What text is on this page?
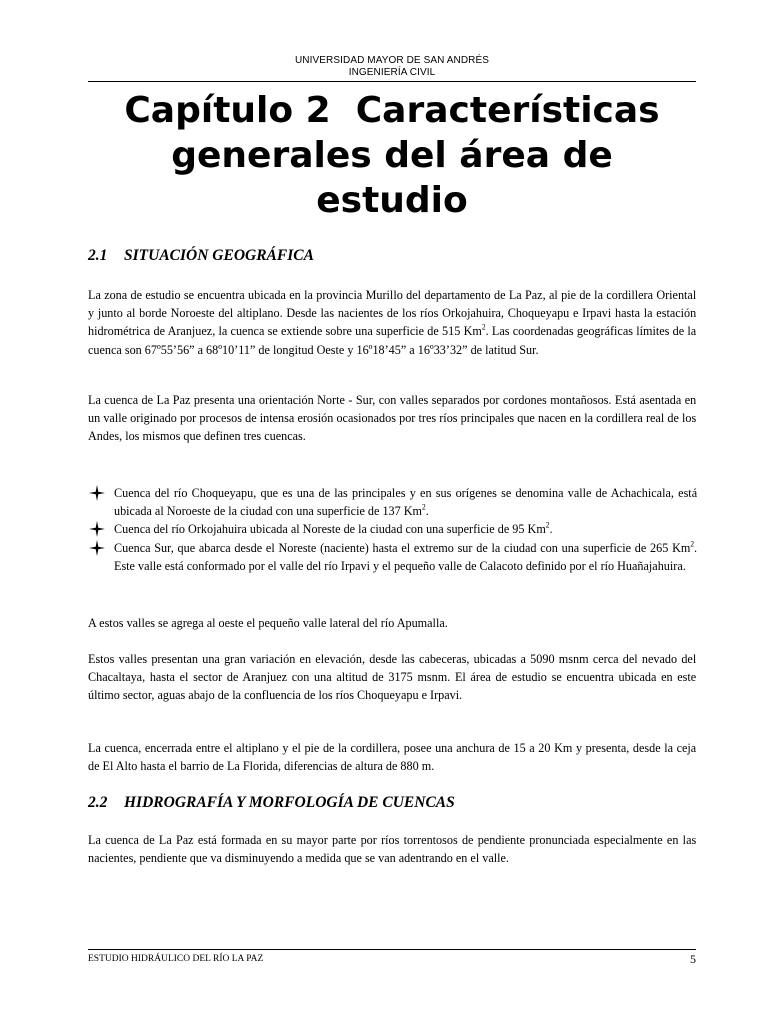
UNIVERSIDAD MAYOR DE SAN ANDRÉS
INGENIERÍA CIVIL
Capítulo 2  Características
generales del área de
estudio
2.1 SITUACIÓN GEOGRÁFICA

La zona de estudio se encuentra ubicada en la provincia Murillo del departamento de La Paz, al pie de la cordillera Oriental y junto al borde Noroeste del altiplano. Desde las nacientes de los ríos Orkojahuira, Choqueyapu e Irpavi hasta la estación hidrométrica de Aranjuez, la cuenca se extiende sobre una superficie de 515 Km$^2$. Las coordenadas geográficas límites de la cuenca son 67º55’56” a 68º10’11” de longitud Oeste y 16º18’45” a 16º33’32” de latitud Sur.

La cuenca de La Paz presenta una orientación Norte - Sur, con valles separados por cordones montañosos. Está asentada en un valle originado por procesos de intensa erosión ocasionados por tres ríos principales que nacen en la cordillera real de los Andes, los mismos que definen tres cuencas.

Cuenca del río Choqueyapu, que es una de las principales y en sus orígenes se denomina valle de Achachicala, está ubicada al Noroeste de la ciudad con una superficie de 137 Km$^2$.
Cuenca del río Orkojahuira ubicada al Noreste de la ciudad con una superficie de 95 Km$^2$.
Cuenca Sur, que abarca desde el Noreste (naciente) hasta el extremo sur de la ciudad con una superficie de 265 Km$^2$. Este valle está conformado por el valle del río Irpavi y el pequeño valle de Calacoto definido por el río Huañajahuira.

A estos valles se agrega al oeste el pequeño valle lateral del río Apumalla.

Estos valles presentan una gran variación en elevación, desde las cabeceras, ubicadas a 5090 msnm cerca del nevado del Chacaltaya, hasta el sector de Aranjuez con una altitud de 3175 msnm. El área de estudio se encuentra ubicada en este último sector, aguas abajo de la confluencia de los ríos Choqueyapu e Irpavi.

La cuenca, encerrada entre el altiplano y el pie de la cordillera, posee una anchura de 15 a 20 Km y presenta, desde la ceja de El Alto hasta el barrio de La Florida, diferencias de altura de 880 m.

2.2 HIDROGRAFÍA Y MORFOLOGÍA DE CUENCAS

La cuenca de La Paz está formada en su mayor parte por ríos torrentosos de pendiente pronunciada especialmente en las nacientes, pendiente que va disminuyendo a medida que se van adentrando en el valle.

ESTUDIO HIDRÁULICO DEL RÍO LA PAZ	5
